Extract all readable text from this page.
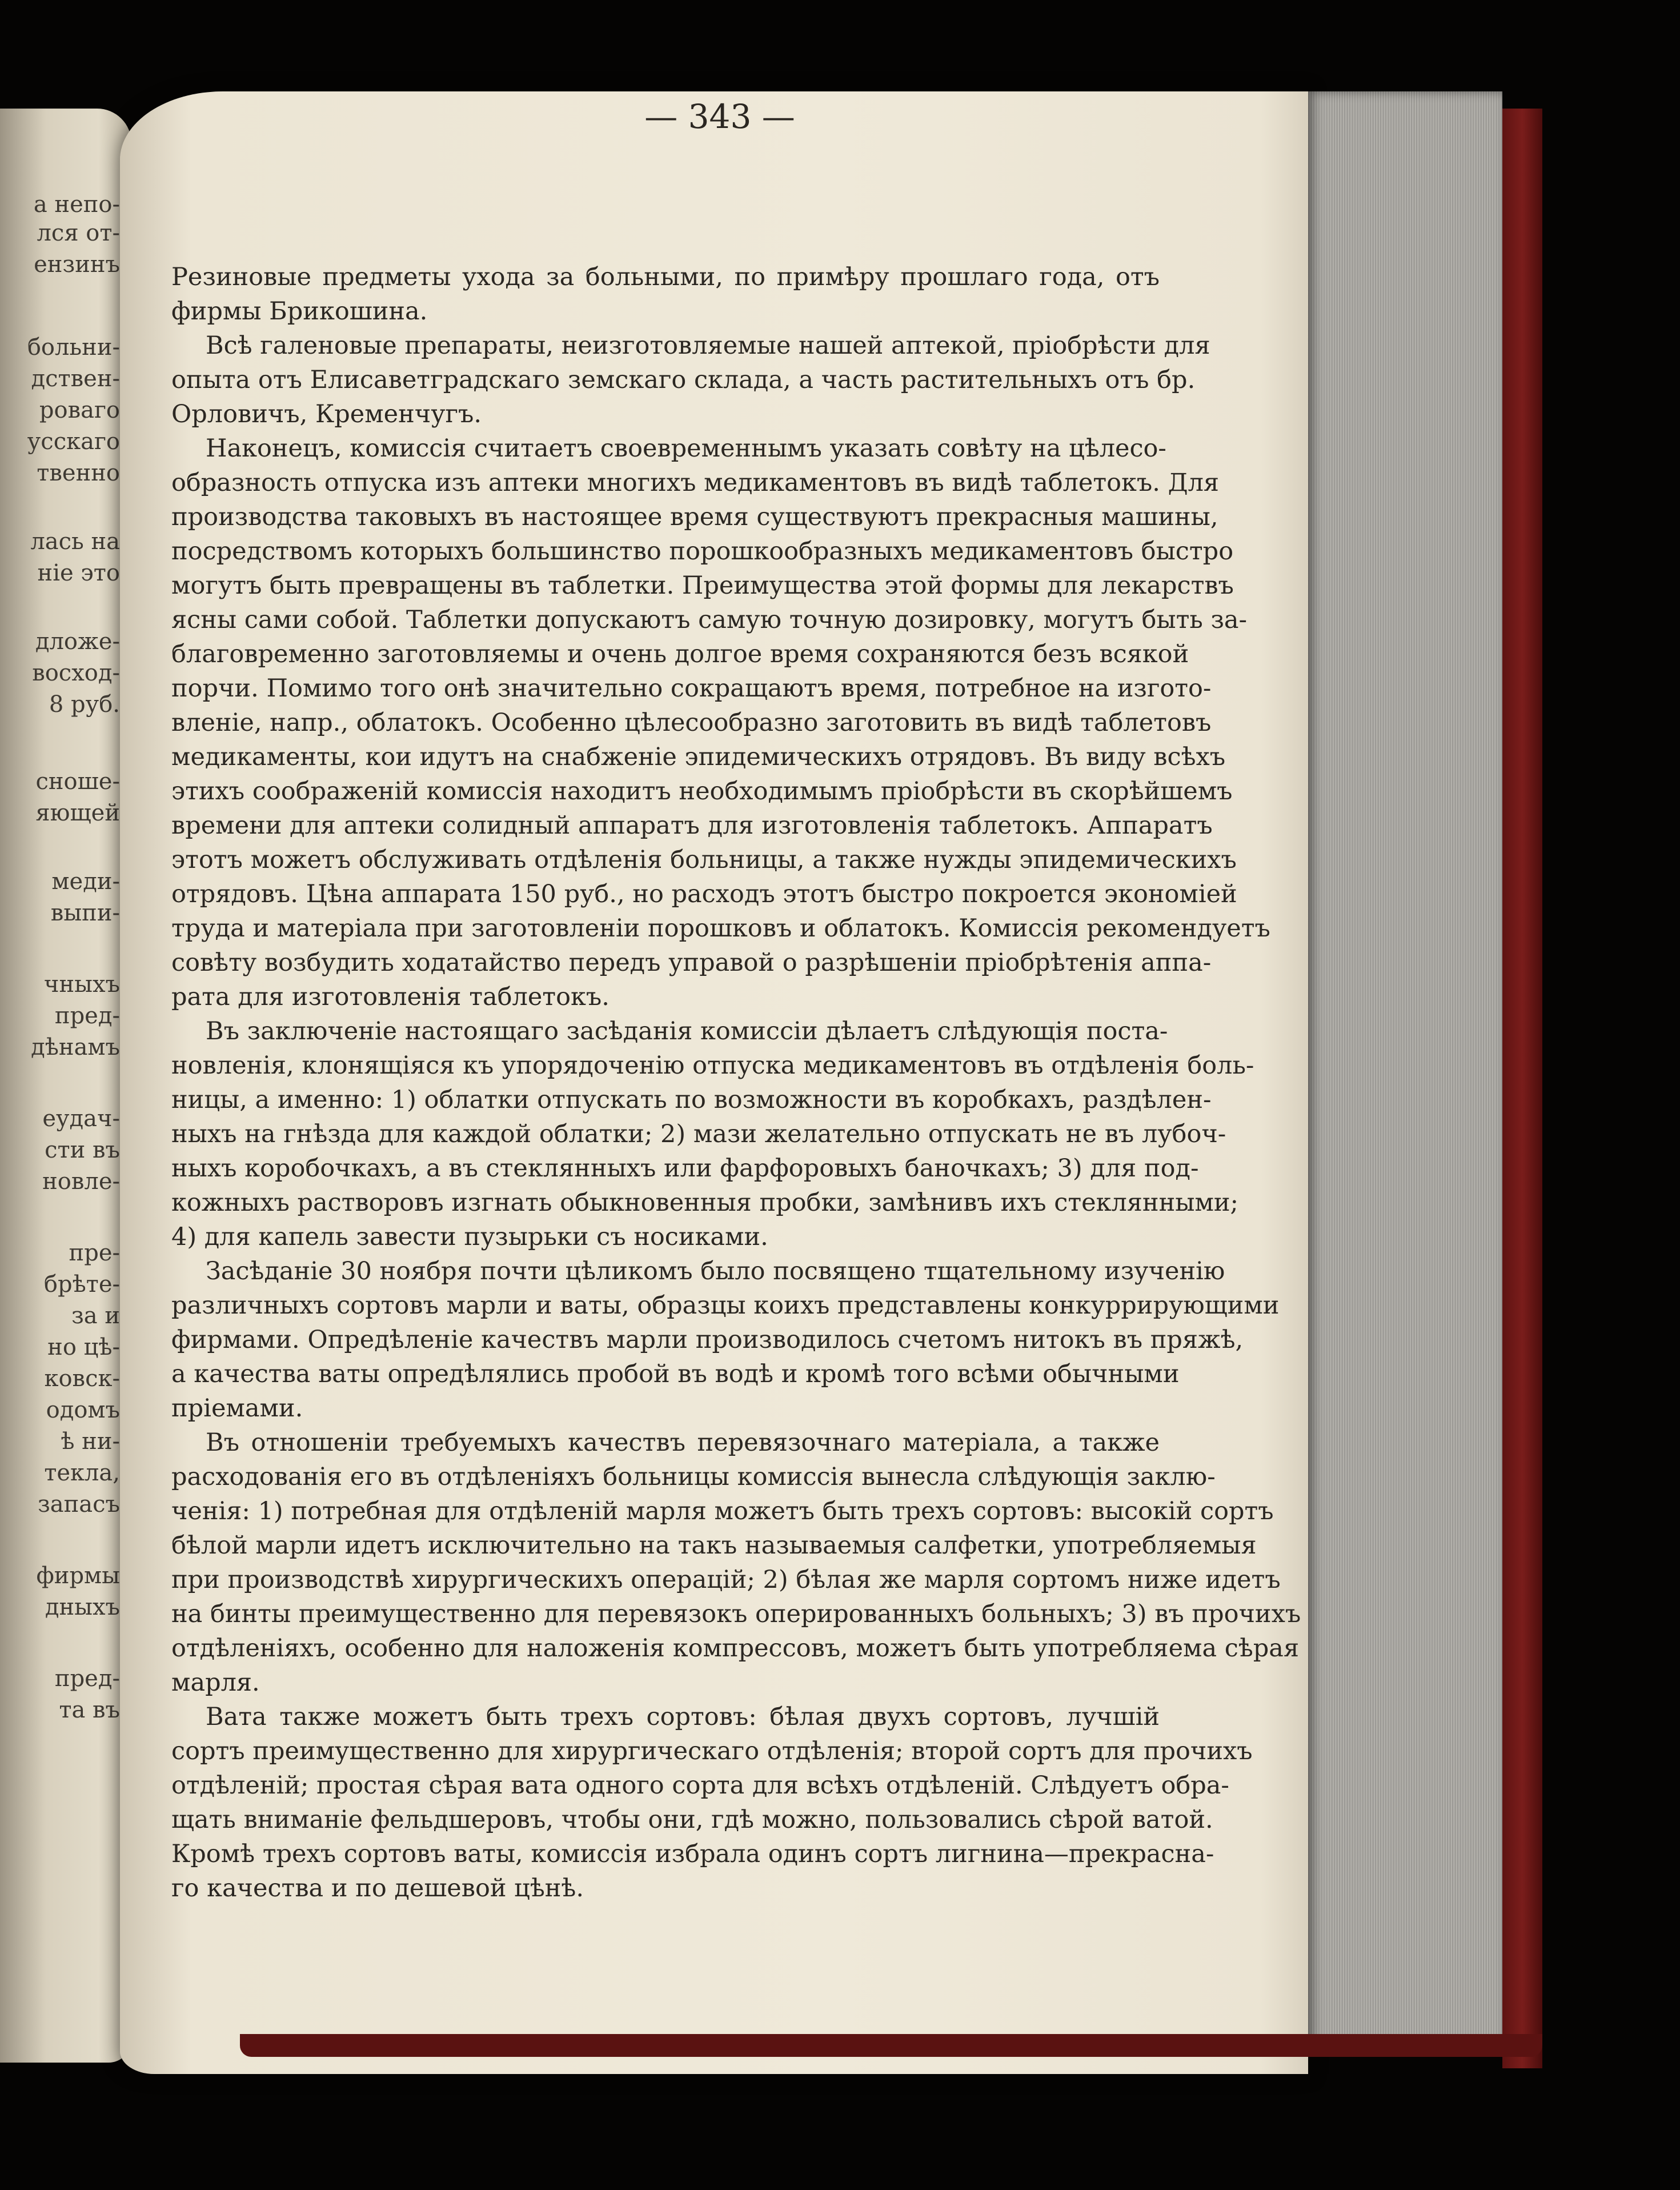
а непо-
лся от-
ензинъ
больни-
дствен-
роваго
усскаго
твенно
лась на
ніе это
дложе-
восход-
8 руб.
сноше-
яющей
меди-
выпи-
чныхъ
пред-
дѣнамъ
еудач-
сти въ
новле-
пре-
брѣте-
за и
но цѣ-
ковск-
одомъ
ѣ ни-
текла,
запасъ
фирмы
дныхъ
пред-
та въ
— 343 —
Резиновые предметы ухода за больными, по примѣру прошлаго года, отъ
фирмы Брикошина.
Всѣ галеновые препараты, неизготовляемые нашей аптекой, пріобрѣсти для
опыта отъ Елисаветградскаго земскаго склада, а часть растительныхъ отъ бр.
Орловичъ, Кременчугъ.
Наконецъ, комиссія считаетъ своевременнымъ указать совѣту на цѣлесо-
образность отпуска изъ аптеки многихъ медикаментовъ въ видѣ таблетокъ. Для
производства таковыхъ въ настоящее время существуютъ прекрасныя машины,
посредствомъ которыхъ большинство порошкообразныхъ медикаментовъ быстро
могутъ быть превращены въ таблетки. Преимущества этой формы для лекарствъ
ясны сами собой. Таблетки допускаютъ самую точную дозировку, могутъ быть за-
благовременно заготовляемы и очень долгое время сохраняются безъ всякой
порчи. Помимо того онѣ значительно сокращаютъ время, потребное на изгото-
вленіе, напр., облатокъ. Особенно цѣлесообразно заготовить въ видѣ таблетовъ
медикаменты, кои идутъ на снабженіе эпидемическихъ отрядовъ. Въ виду всѣхъ
этихъ соображеній комиссія находитъ необходимымъ пріобрѣсти въ скорѣйшемъ
времени для аптеки солидный аппаратъ для изготовленія таблетокъ. Аппаратъ
этотъ можетъ обслуживать отдѣленія больницы, а также нужды эпидемическихъ
отрядовъ. Цѣна аппарата 150 руб., но расходъ этотъ быстро покроется экономіей
труда и матеріала при заготовленіи порошковъ и облатокъ. Комиссія рекомендуетъ
совѣту возбудить ходатайство передъ управой о разрѣшеніи пріобрѣтенія аппа-
рата для изготовленія таблетокъ.
Въ заключеніе настоящаго засѣданія комиссіи дѣлаетъ слѣдующія поста-
новленія, клонящіяся къ упорядоченію отпуска медикаментовъ въ отдѣленія боль-
ницы, а именно: 1) облатки отпускать по возможности въ коробкахъ, раздѣлен-
ныхъ на гнѣзда для каждой облатки; 2) мази желательно отпускать не въ лубоч-
ныхъ коробочкахъ, а въ стеклянныхъ или фарфоровыхъ баночкахъ; 3) для под-
кожныхъ растворовъ изгнать обыкновенныя пробки, замѣнивъ ихъ стеклянными;
4) для капель завести пузырьки съ носиками.
Засѣданіе 30 ноября почти цѣликомъ было посвящено тщательному изученію
различныхъ сортовъ марли и ваты, образцы коихъ представлены конкуррирующими
фирмами. Опредѣленіе качествъ марли производилось счетомъ нитокъ въ пряжѣ,
а качества ваты опредѣлялись пробой въ водѣ и кромѣ того всѣми обычными
пріемами.
Въ отношеніи требуемыхъ качествъ перевязочнаго матеріала, а также
расходованія его въ отдѣленіяхъ больницы комиссія вынесла слѣдующія заклю-
ченія: 1) потребная для отдѣленій марля можетъ быть трехъ сортовъ: высокій сортъ
бѣлой марли идетъ исключительно на такъ называемыя салфетки, употребляемыя
при производствѣ хирургическихъ операцій; 2) бѣлая же марля сортомъ ниже идетъ
на бинты преимущественно для перевязокъ оперированныхъ больныхъ; 3) въ прочихъ
отдѣленіяхъ, особенно для наложенія компрессовъ, можетъ быть употребляема сѣрая
марля.
Вата также можетъ быть трехъ сортовъ: бѣлая двухъ сортовъ, лучшій
сортъ преимущественно для хирургическаго отдѣленія; второй сортъ для прочихъ
отдѣленій; простая сѣрая вата одного сорта для всѣхъ отдѣленій. Слѣдуетъ обра-
щать вниманіе фельдшеровъ, чтобы они, гдѣ можно, пользовались сѣрой ватой.
Кромѣ трехъ сортовъ ваты, комиссія избрала одинъ сортъ лигнина—прекрасна-
го качества и по дешевой цѣнѣ.
